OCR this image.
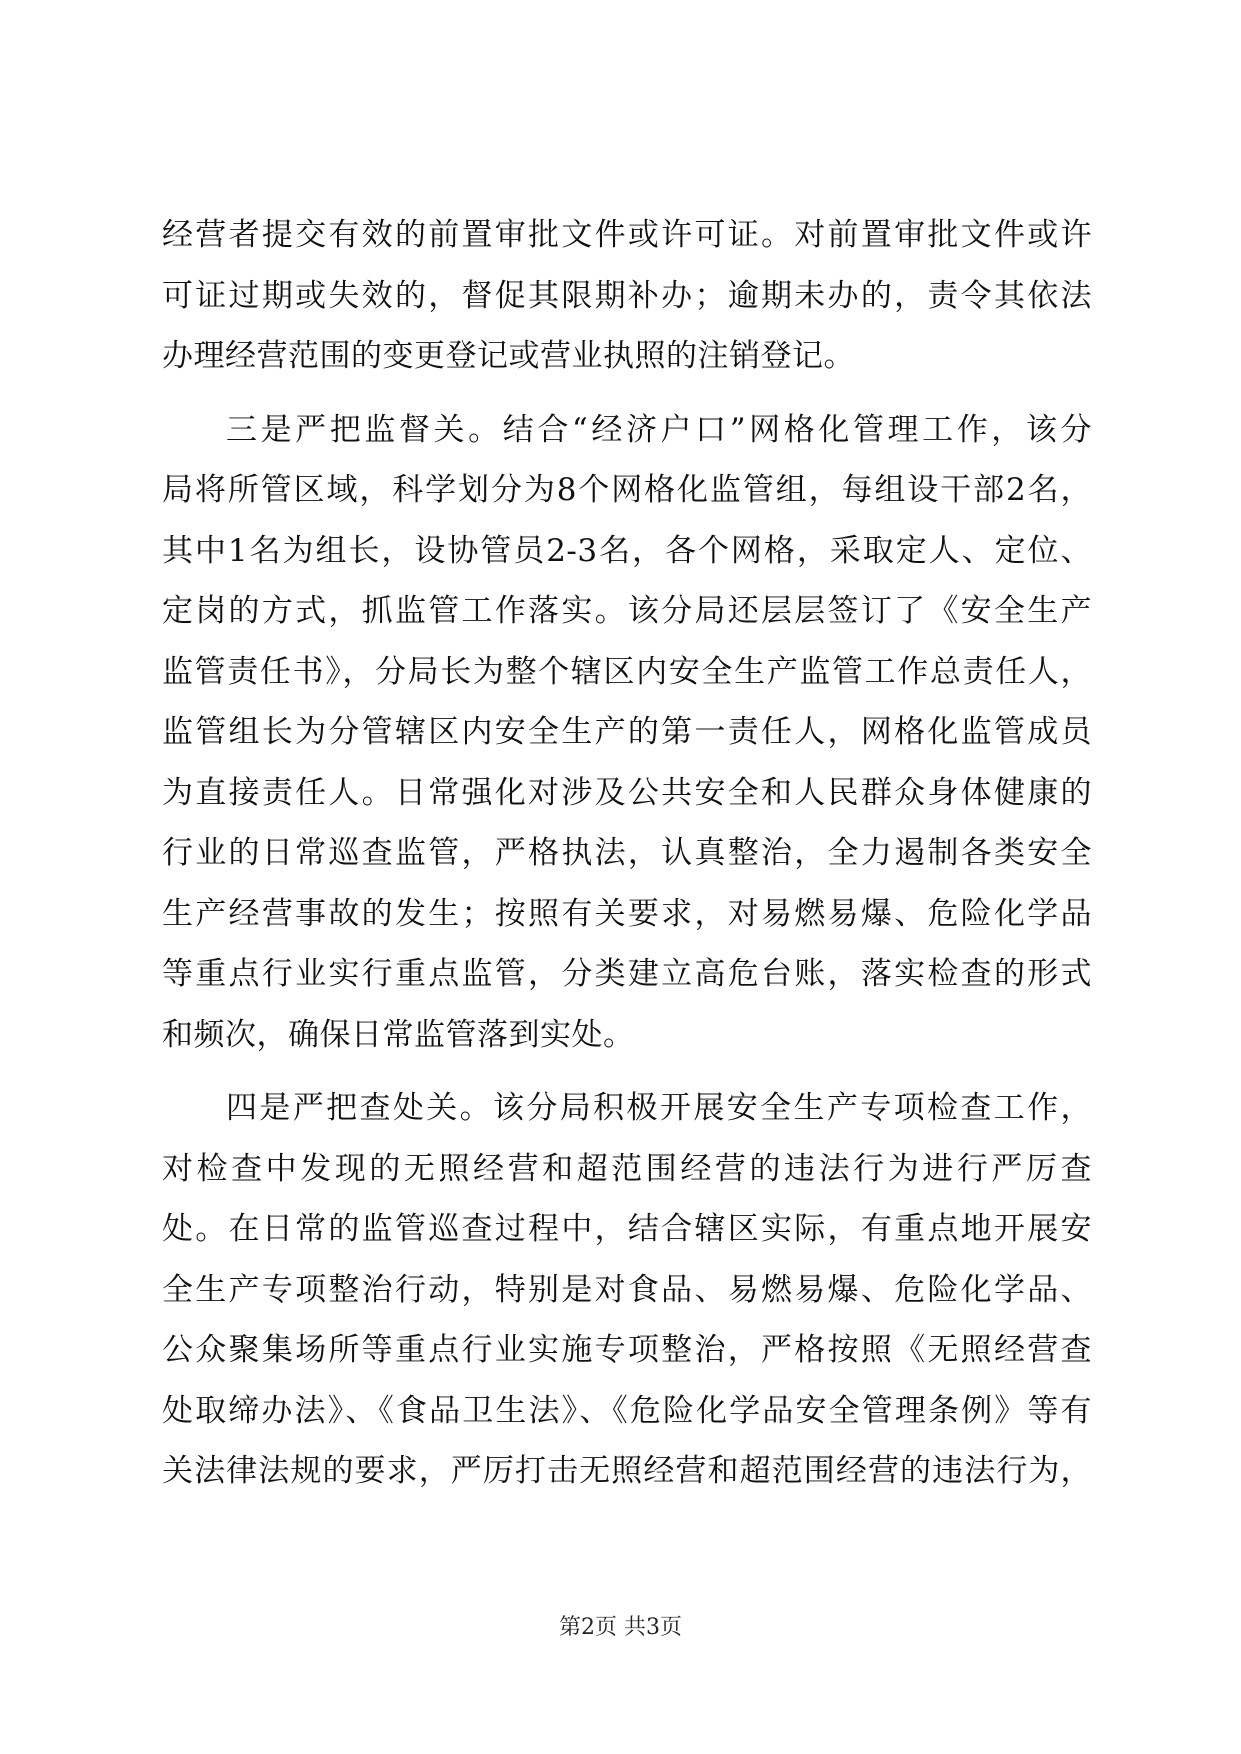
经营者提交有效的前置审批文件或许可证。对前置审批文件或许
可证过期或失效的，督促其限期补办；逾期未办的，责令其依法
办理经营范围的变更登记或营业执照的注销登记。
三是严把监督关。结合“经济户口”网格化管理工作，该分
局将所管区域，科学划分为8个网格化监管组，每组设干部2名，
其中1名为组长，设协管员2-3名，各个网格，采取定人、定位、
定岗的方式，抓监管工作落实。该分局还层层签订了《安全生产
监管责任书》，分局长为整个辖区内安全生产监管工作总责任人，
监管组长为分管辖区内安全生产的第一责任人，网格化监管成员
为直接责任人。日常强化对涉及公共安全和人民群众身体健康的
行业的日常巡查监管，严格执法，认真整治，全力遏制各类安全
生产经营事故的发生；按照有关要求，对易燃易爆、危险化学品
等重点行业实行重点监管，分类建立高危台账，落实检查的形式
和频次，确保日常监管落到实处。
四是严把查处关。该分局积极开展安全生产专项检查工作，
对检查中发现的无照经营和超范围经营的违法行为进行严厉查
处。在日常的监管巡查过程中，结合辖区实际，有重点地开展安
全生产专项整治行动，特别是对食品、易燃易爆、危险化学品、
公众聚集场所等重点行业实施专项整治，严格按照《无照经营查
处取缔办法》、《食品卫生法》、《危险化学品安全管理条例》等有
关法律法规的要求，严厉打击无照经营和超范围经营的违法行为，
第2页 共3页
